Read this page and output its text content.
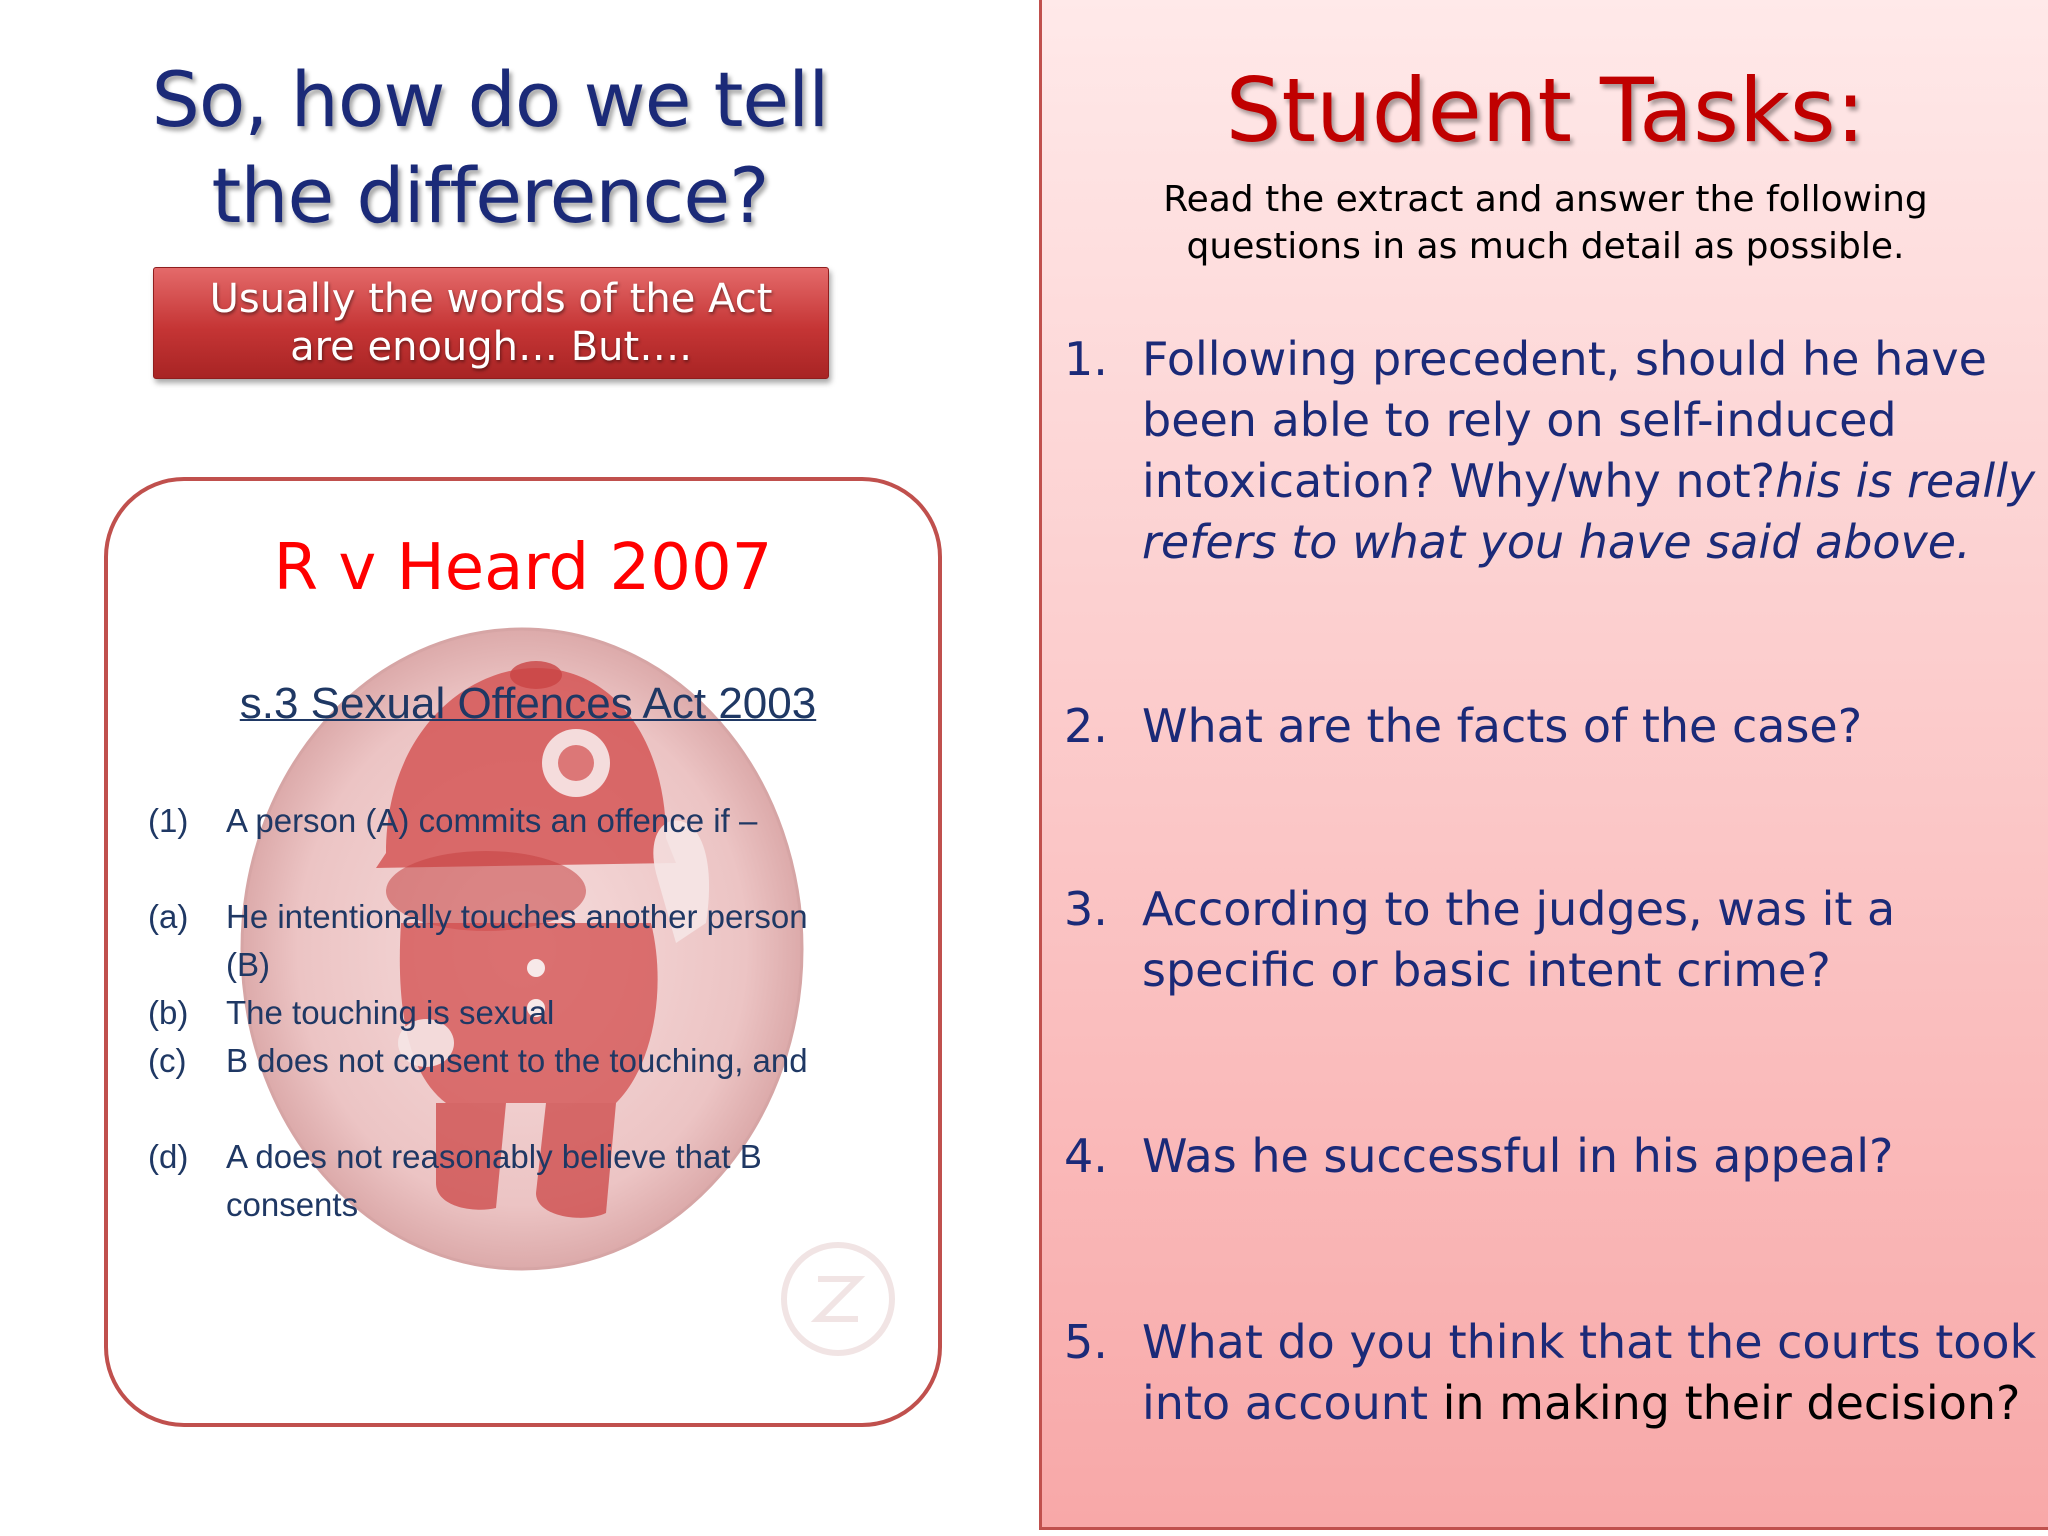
So, how do we tell
the difference?
Usually the words of the Act
are enough… But….
R v Heard 2007
s.3 Sexual Offences Act 2003
(1)	A person (A) commits an offence if –
(a)	He intentionally touches another person (B)
(b)	The touching is sexual
(c)	B does not consent to the touching, and
(d)	A does not reasonably believe that B consents
Student Tasks:
Read the extract and answer the following
questions in as much detail as possible.
1. Following precedent, should he have been able to rely on self-induced intoxication? Why/why not?his is really refers to what you have said above.
2. What are the facts of the case?
3. According to the judges, was it a specific or basic intent crime?
4. Was he successful in his appeal?
5. What do you think that the courts took into account in making their decision?
